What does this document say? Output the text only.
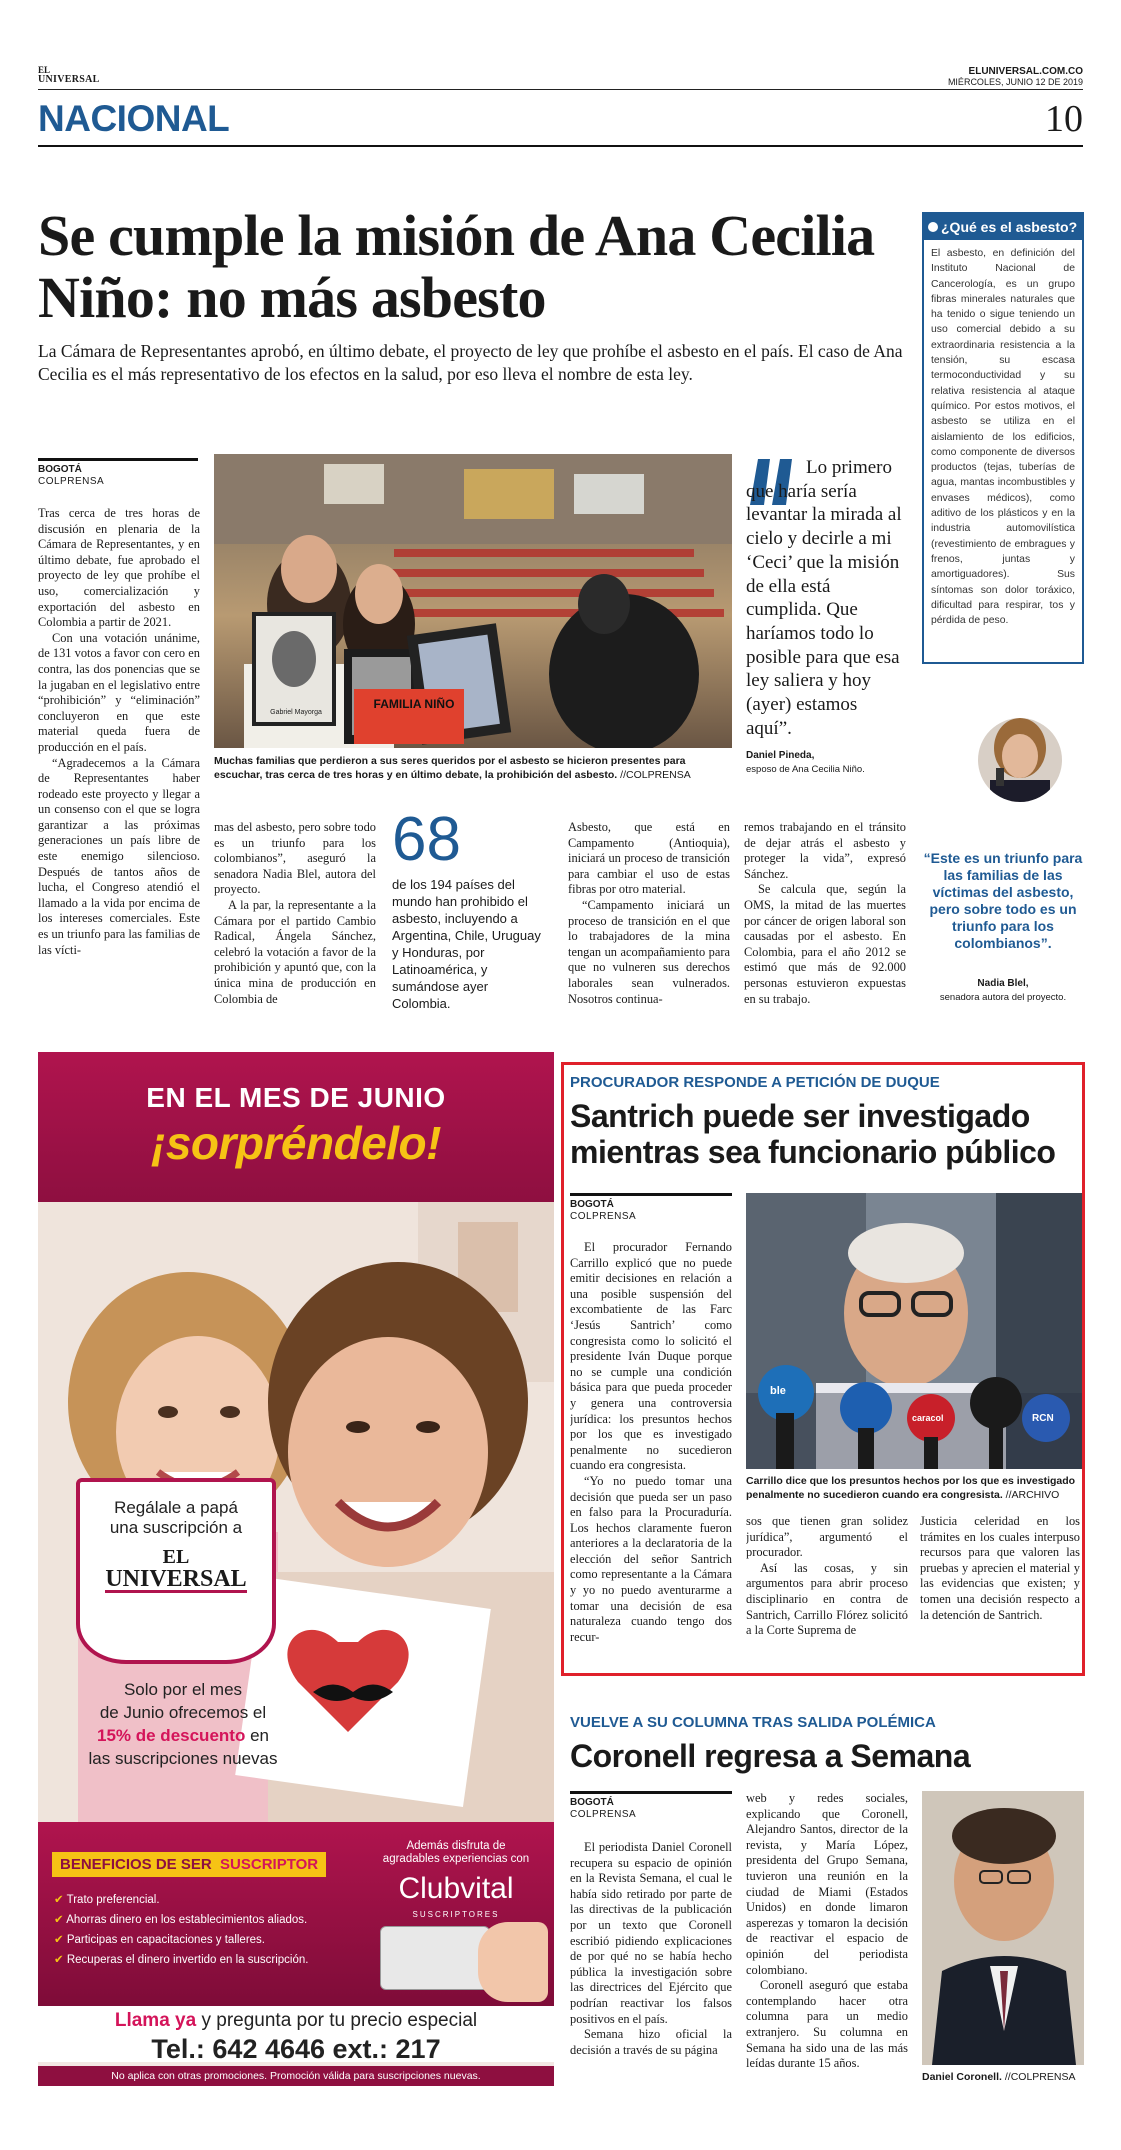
EL
UNIVERSAL
ELUNIVERSAL.COM.CO
MIÉRCOLES, JUNIO 12 DE 2019
NACIONAL	10
Se cumple la misión de Ana Cecilia Niño: no más asbesto
La Cámara de Representantes aprobó, en último debate, el proyecto de ley que prohíbe el asbesto en el país. El caso de Ana Cecilia es el más representativo de los efectos en la salud, por eso lleva el nombre de esta ley.
¿Qué es el asbesto?
El asbesto, en definición del Instituto Nacional de Cancerología, es un grupo fibras minerales naturales que ha tenido o sigue teniendo un uso comercial debido a su extraordinaria resistencia a la tensión, su escasa termoconductividad y su relativa resistencia al ataque químico. Por estos motivos, el asbesto se utiliza en el aislamiento de los edificios, como componente de diversos productos (tejas, tuberías de agua, mantas incombustibles y envases médicos), como aditivo de los plásticos y en la industria automovilística (revestimiento de embragues y frenos, juntas y amortiguadores). Sus síntomas son dolor toráxico, dificultad para respirar, tos y pérdida de peso.
BOGOTÁ
COLPRENSA

Tras cerca de tres horas de discusión en plenaria de la Cámara de Representantes, y en último debate, fue aprobado el proyecto de ley que prohíbe el uso, comercialización y exportación del asbesto en Colombia a partir de 2021.

Con una votación unánime, de 131 votos a favor con cero en contra, las dos ponencias que se la jugaban en el legislativo entre “prohibición” y “eliminación” concluyeron en que este material queda fuera de producción en el país.

“Agradecemos a la Cámara de Representantes haber rodeado este proyecto y llegar a un consenso con el que se logra garantizar a las próximas generaciones un país libre de este enemigo silencioso. Después de tantos años de lucha, el Congreso atendió el llamado a la vida por encima de los intereses comerciales. Este es un triunfo para las familias de las vícti-

FAMILIA NIÑO
Gabriel Mayorga
Muchas familias que perdieron a sus seres queridos por el asbesto se hicieron presentes para escuchar, tras cerca de tres horas y en último debate, la prohibición del asbesto. //COLPRENSA
Lo primero que haría sería levantar la mirada al cielo y decirle a mi ‘Ceci’ que la misión de ella está cumplida. Que haríamos todo lo posible para que esa ley saliera y hoy (ayer) estamos aquí”.
Daniel Pineda,
esposo de Ana Cecilia Niño.
“Este es un triunfo para las familias de las víctimas del asbesto, pero sobre todo es un triunfo para los colombianos”.
Nadia Blel,
senadora autora del proyecto.

mas del asbesto, pero sobre todo es un triunfo para los colombianos”, aseguró la senadora Nadia Blel, autora del proyecto.

A la par, la representante a la Cámara por el partido Cambio Radical, Ángela Sánchez, celebró la votación a favor de la prohibición y apuntó que, con la única mina de producción en Colombia de

68
de los 194 países del mundo han prohibido el asbesto, incluyendo a Argentina, Chile, Uruguay y Honduras, por Latinoamérica, y sumándose ayer Colombia.

Asbesto, que está en Campamento (Antioquia), iniciará un proceso de transición para cambiar el uso de estas fibras por otro material.

“Campamento iniciará un proceso de transición en el que lo trabajadores de la mina tengan un acompañamiento para que no vulneren sus derechos laborales sean vulnerados. Nosotros continua-

remos trabajando en el tránsito de dejar atrás el asbesto y proteger la vida”, expresó Sánchez.

Se calcula que, según la OMS, la mitad de las muertes por cáncer de origen laboral son causadas por el asbesto. En Colombia, para el año 2012 se estimó que más de 92.000 personas estuvieron expuestas en su trabajo.

EN EL MES DE JUNIO
¡sorpréndelo!
Regálale a papá
una suscripción a
EL
UNIVERSAL
Solo por el mes
de Junio ofrecemos el
15% de descuento en
las suscripciones nuevas
BENEFICIOS DE SER SUSCRIPTOR
✔ Trato preferencial.
✔ Ahorras dinero en los establecimientos aliados.
✔ Participas en capacitaciones y talleres.
✔ Recuperas el dinero invertido en la suscripción.
Además disfruta de
agradables experiencias con
Clubvital
SUSCRIPTORES
Llama ya y pregunta por tu precio especial
Tel.: 642 4646 ext.: 217
No aplica con otras promociones. Promoción válida para suscripciones nuevas.
PROCURADOR RESPONDE A PETICIÓN DE DUQUE
Santrich puede ser investigado mientras sea funcionario público
BOGOTÁ
COLPRENSA

El procurador Fernando Carrillo explicó que no puede emitir decisiones en relación a una posible suspensión del excombatiente de las Farc ‘Jesús Santrich’ como congresista como lo solicitó el presidente Iván Duque porque no se cumple una condición básica para que pueda proceder y genera una controversia jurídica: los presuntos hechos por los que es investigado penalmente no sucedieron cuando era congresista.

“Yo no puedo tomar una decisión que pueda ser un paso en falso para la Procuraduría. Los hechos claramente fueron anteriores a la declaratoria de la elección del señor Santrich como representante a la Cámara y yo no puedo aventurarme a tomar una decisión de esa naturaleza cuando tengo dos recur-

ble
caracol	RCN
Carrillo dice que los presuntos hechos por los que es investigado penalmente no sucedieron cuando era congresista. //ARCHIVO

sos que tienen gran solidez jurídica”, argumentó el procurador.

Así las cosas, y sin argumentos para abrir proceso disciplinario en contra de Santrich, Carrillo Flórez solicitó a la Corte Suprema de

Justicia celeridad en los trámites en los cuales interpuso recursos para que valoren las pruebas y aprecien el material y las evidencias que existen; y tomen una decisión respecto a la detención de Santrich.

VUELVE A SU COLUMNA TRAS SALIDA POLÉMICA
Coronell regresa a Semana
BOGOTÁ
COLPRENSA

El periodista Daniel Coronell recupera su espacio de opinión en la Revista Semana, el cual le había sido retirado por parte de las directivas de la publicación por un texto que Coronell escribió pidiendo explicaciones de por qué no se había hecho pública la investigación sobre las directrices del Ejército que podrían reactivar los falsos positivos en el país.

Semana hizo oficial la decisión a través de su página

web y redes sociales, explicando que Coronell, Alejandro Santos, director de la revista, y María López, presidenta del Grupo Semana, tuvieron una reunión en la ciudad de Miami (Estados Unidos) en donde limaron asperezas y tomaron la decisión de reactivar el espacio de opinión del periodista colombiano.

Coronell aseguró que estaba contemplando hacer otra columna para un medio extranjero. Su columna en Semana ha sido una de las más leídas durante 15 años.

Daniel Coronell. //COLPRENSA
